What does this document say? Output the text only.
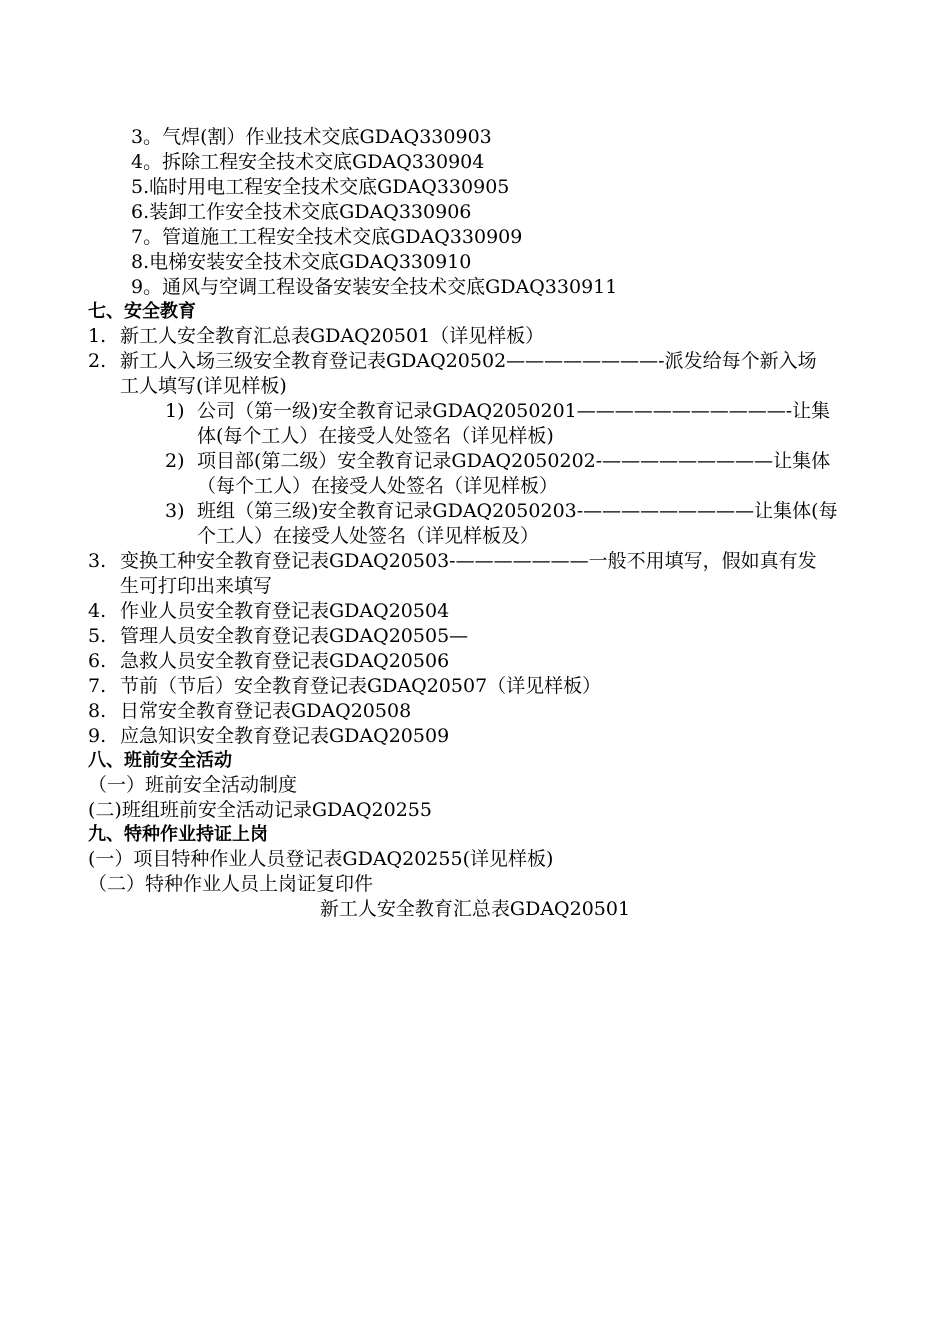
3。气焊(割）作业技术交底GDAQ330903
4。拆除工程安全技术交底GDAQ330904
5.临时用电工程安全技术交底GDAQ330905
6.装卸工作安全技术交底GDAQ330906
7。管道施工工程安全技术交底GDAQ330909
8.电梯安装安全技术交底GDAQ330910
9。通风与空调工程设备安装安全技术交底GDAQ330911
七、安全教育
1. 新工人安全教育汇总表GDAQ20501（详见样板）
2. 新工人入场三级安全教育登记表GDAQ20502————————-派发给每个新入场
工人填写(详见样板)
1) 公司（第一级)安全教育记录GDAQ2050201———————————-让集
体(每个工人）在接受人处签名（详见样板)
2) 项目部(第二级）安全教育记录GDAQ2050202-—————————让集体
（每个工人）在接受人处签名（详见样板）
3) 班组（第三级)安全教育记录GDAQ2050203-—————————让集体(每
个工人）在接受人处签名（详见样板及）
3. 变换工种安全教育登记表GDAQ20503-———————一般不用填写，假如真有发
生可打印出来填写
4. 作业人员安全教育登记表GDAQ20504
5. 管理人员安全教育登记表GDAQ20505—
6. 急救人员安全教育登记表GDAQ20506
7. 节前（节后）安全教育登记表GDAQ20507（详见样板）
8. 日常安全教育登记表GDAQ20508
9. 应急知识安全教育登记表GDAQ20509
八、班前安全活动
（一）班前安全活动制度
(二)班组班前安全活动记录GDAQ20255
九、特种作业持证上岗
(一）项目特种作业人员登记表GDAQ20255(详见样板)
（二）特种作业人员上岗证复印件
新工人安全教育汇总表GDAQ20501
